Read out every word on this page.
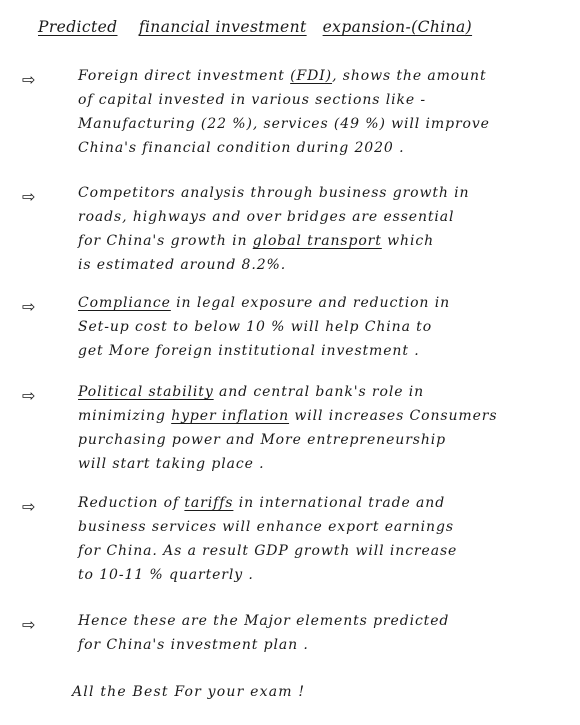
Predicted financial investment expansion-(China)
⇨	Foreign direct investment (FDI), shows the amount
of capital invested in various sections like -
Manufacturing (22 %), services (49 %) will improve
China's financial condition during 2020 .
⇨	Competitors analysis through business growth in
roads, highways and over bridges are essential
for China's growth in global transport which
is estimated around 8.2%.
⇨	Compliance in legal exposure and reduction in
Set-up cost to below 10 % will help China to
get More foreign institutional investment .
⇨	Political stability and central bank's role in
minimizing hyper inflation will increases Consumers
purchasing power and More entrepreneurship
will start taking place .
⇨	Reduction of tariffs in international trade and
business services will enhance export earnings
for China. As a result GDP growth will increase
to 10-11 % quarterly .
⇨	Hence these are the Major elements predicted
for China's investment plan .
All the Best For your exam !
